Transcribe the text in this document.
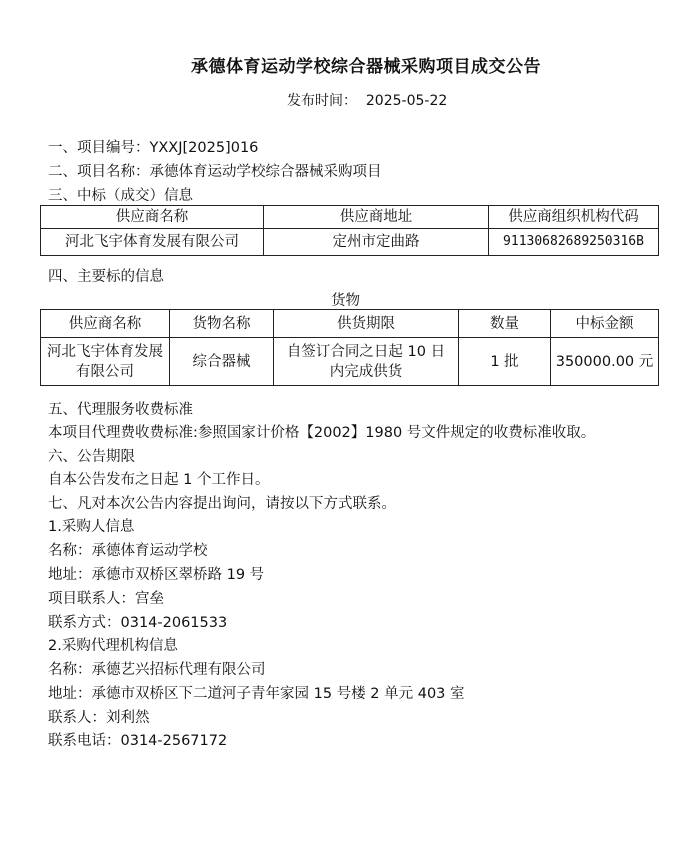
承德体育运动学校综合器械采购项目成交公告
发布时间：  2025-05-22
一、项目编号：YXXJ[2025]016
二、项目名称：承德体育运动学校综合器械采购项目
三、中标（成交）信息
供应商名称	供应商地址	供应商组织机构代码
河北飞宇体育发展有限公司	定州市定曲路	91130682689250316B
四、主要标的信息
货物
供应商名称	货物名称	供货期限	数量	中标金额
河北飞宇体育发展有限公司	综合器械	自签订合同之日起 10 日内完成供货	1 批	350000.00 元
五、代理服务收费标准
本项目代理费收费标准:参照国家计价格【2002】1980 号文件规定的收费标准收取。
六、公告期限
自本公告发布之日起 1 个工作日。
七、凡对本次公告内容提出询问，请按以下方式联系。
1.采购人信息
名称：承德体育运动学校
地址：承德市双桥区翠桥路 19 号
项目联系人：宫垒
联系方式：0314-2061533
2.采购代理机构信息
名称：承德艺兴招标代理有限公司
地址：承德市双桥区下二道河子青年家园 15 号楼 2 单元 403 室
联系人：刘利然
联系电话：0314-2567172
